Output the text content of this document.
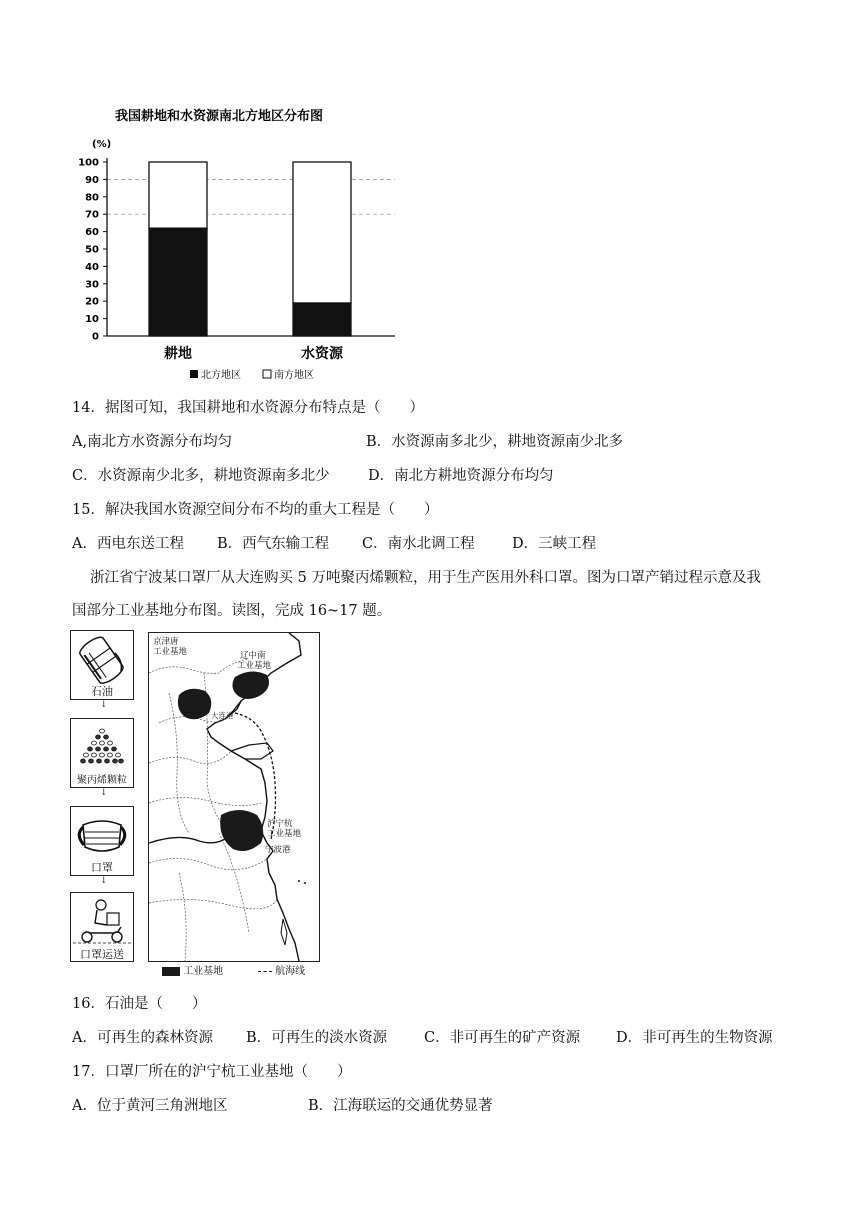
我国耕地和水资源南北方地区分布图
(%)
0
10
20
30
40
50
60
70
80
90
100
耕地	水资源
北方地区	南方地区
14．据图可知，我国耕地和水资源分布特点是（　　）
A,南北方水资源分布均匀	B．水资源南多北少，耕地资源南少北多
C．水资源南少北多，耕地资源南多北少	D．南北方耕地资源分布均匀
15．解决我国水资源空间分布不均的重大工程是（　　）
A．西电东送工程 B．西气东输工程 C．南水北调工程	D．三峡工程
浙江省宁波某口罩厂从大连购买 5 万吨聚丙烯颗粒，用于生产医用外科口罩。图为口罩产销过程示意及我
国部分工业基地分布图。读图，完成 16~17 题。
石油
↓
聚丙烯颗粒
↓
口罩
↓
口罩运送
京津唐
工业基地	辽中南
工业基地
大连港
沪宁杭
工业基地
宁波港
工业基地	航海线
16．石油是（　　）
A．可再生的森林资源 B．可再生的淡水资源	C．非可再生的矿产资源 D．非可再生的生物资源
17．口罩厂所在的沪宁杭工业基地（　　）
A．位于黄河三角洲地区	B．江海联运的交通优势显著
